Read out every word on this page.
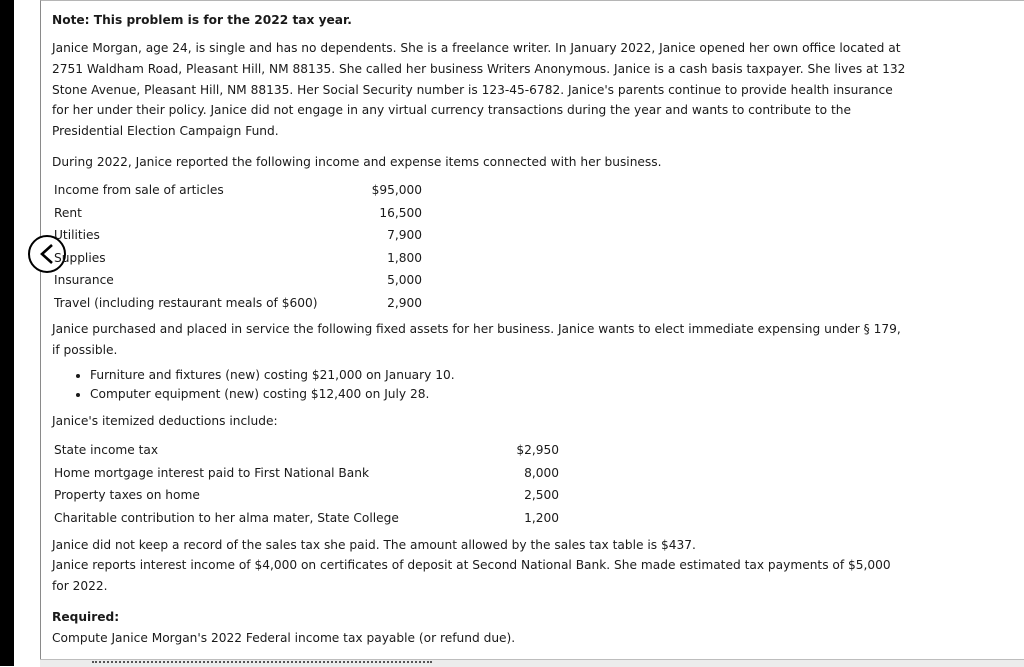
Note: This problem is for the 2022 tax year.
Janice Morgan, age 24, is single and has no dependents. She is a freelance writer. In January 2022, Janice opened her own office located at
2751 Waldham Road, Pleasant Hill, NM 88135. She called her business Writers Anonymous. Janice is a cash basis taxpayer. She lives at 132
Stone Avenue, Pleasant Hill, NM 88135. Her Social Security number is 123-45-6782. Janice's parents continue to provide health insurance
for her under their policy. Janice did not engage in any virtual currency transactions during the year and wants to contribute to the
Presidential Election Campaign Fund.
During 2022, Janice reported the following income and expense items connected with her business.
Income from sale of articles	$95,000
Rent	16,500
Utilities	7,900
Supplies	1,800
Insurance	5,000
Travel (including restaurant meals of $600)	2,900
Janice purchased and placed in service the following fixed assets for her business. Janice wants to elect immediate expensing under § 179,
if possible.
• Furniture and fixtures (new) costing $21,000 on January 10.
• Computer equipment (new) costing $12,400 on July 28.
Janice's itemized deductions include:
State income tax	$2,950
Home mortgage interest paid to First National Bank	8,000
Property taxes on home	2,500
Charitable contribution to her alma mater, State College	1,200
Janice did not keep a record of the sales tax she paid. The amount allowed by the sales tax table is $437.
Janice reports interest income of $4,000 on certificates of deposit at Second National Bank. She made estimated tax payments of $5,000
for 2022.
Required:
Compute Janice Morgan's 2022 Federal income tax payable (or refund due).
